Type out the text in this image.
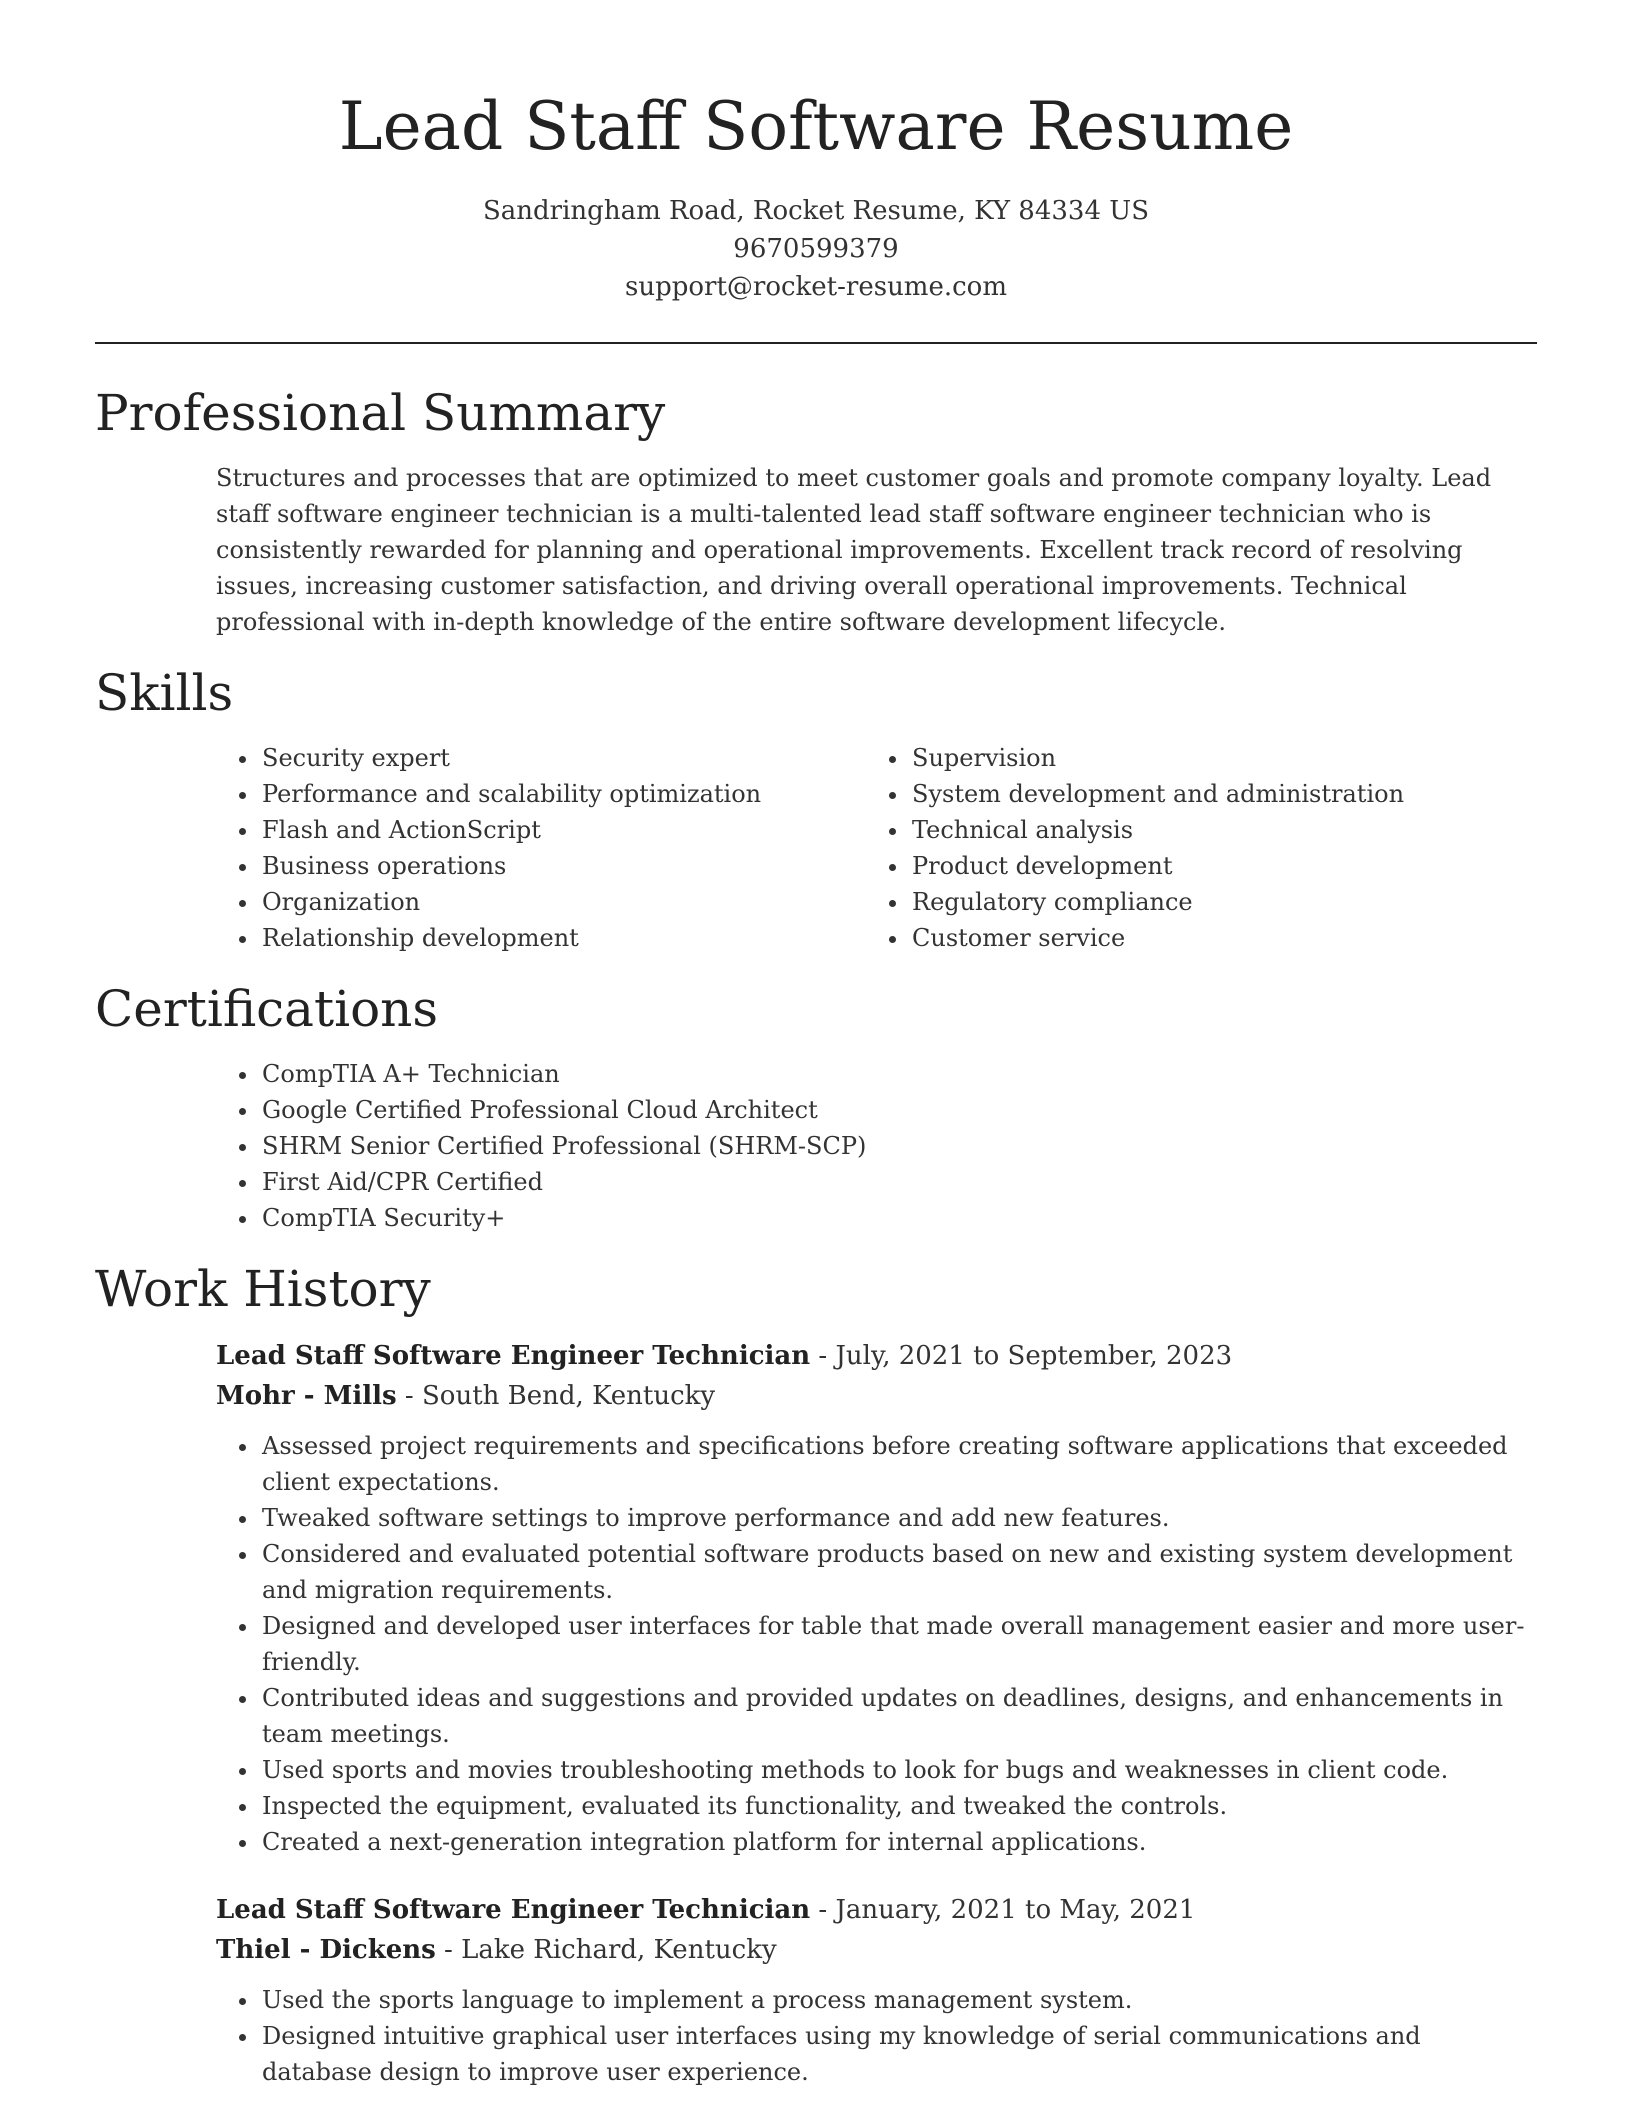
Lead Staff Software Resume
Sandringham Road, Rocket Resume, KY 84334 US
9670599379
support@rocket-resume.com
Professional Summary
Structures and processes that are optimized to meet customer goals and promote company loyalty. Lead staff software engineer technician is a multi-talented lead staff software engineer technician who is consistently rewarded for planning and operational improvements. Excellent track record of resolving issues, increasing customer satisfaction, and driving overall operational improvements. Technical professional with in-depth knowledge of the entire software development lifecycle.
Skills
• Security expert
• Performance and scalability optimization
• Flash and ActionScript
• Business operations
• Organization
• Relationship development
• Supervision
• System development and administration
• Technical analysis
• Product development
• Regulatory compliance
• Customer service
Certifications
• CompTIA A+ Technician
• Google Certified Professional Cloud Architect
• SHRM Senior Certified Professional (SHRM-SCP)
• First Aid/CPR Certified
• CompTIA Security+
Work History
Lead Staff Software Engineer Technician - July, 2021 to September, 2023
Mohr - Mills - South Bend, Kentucky
• Assessed project requirements and specifications before creating software applications that exceeded client expectations.
• Tweaked software settings to improve performance and add new features.
• Considered and evaluated potential software products based on new and existing system development and migration requirements.
• Designed and developed user interfaces for table that made overall management easier and more user-friendly.
• Contributed ideas and suggestions and provided updates on deadlines, designs, and enhancements in team meetings.
• Used sports and movies troubleshooting methods to look for bugs and weaknesses in client code.
• Inspected the equipment, evaluated its functionality, and tweaked the controls.
• Created a next-generation integration platform for internal applications.
Lead Staff Software Engineer Technician - January, 2021 to May, 2021
Thiel - Dickens - Lake Richard, Kentucky
• Used the sports language to implement a process management system.
• Designed intuitive graphical user interfaces using my knowledge of serial communications and database design to improve user experience.
